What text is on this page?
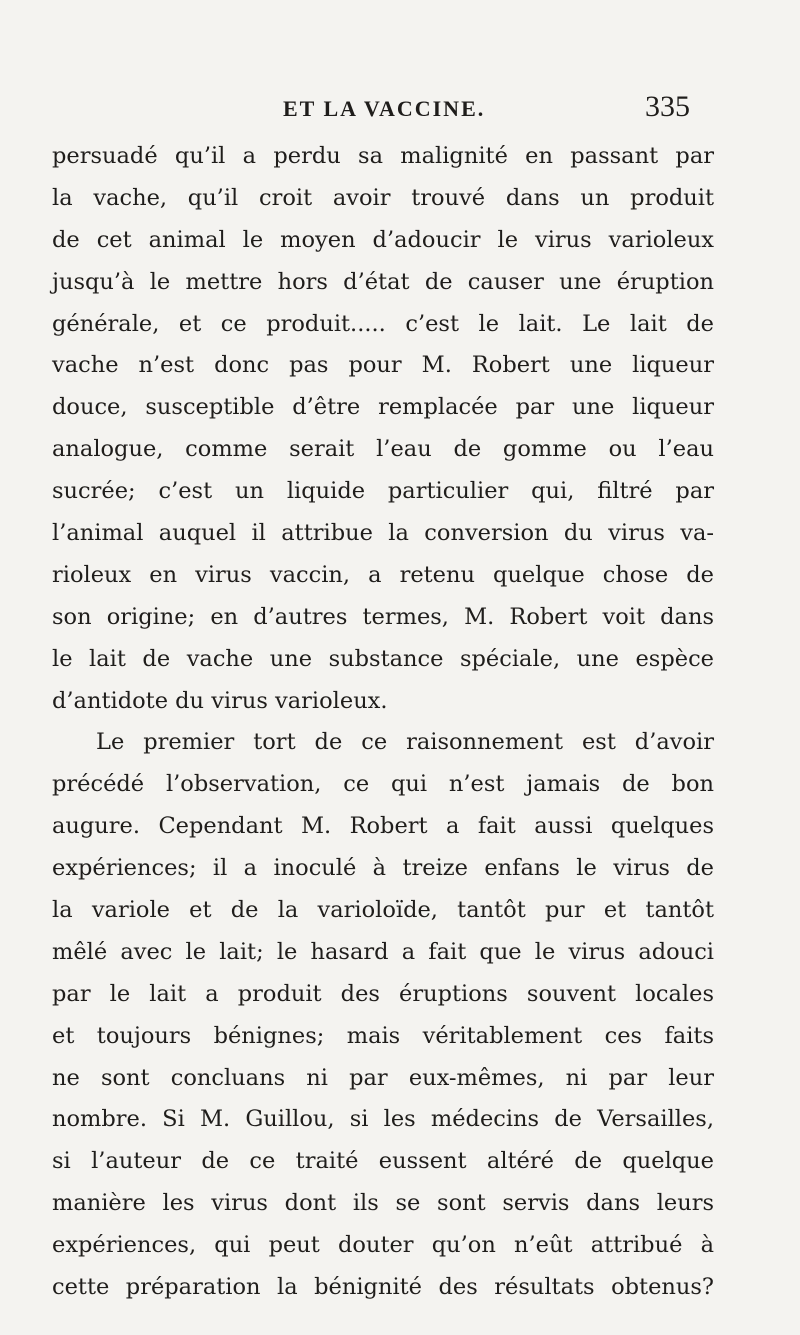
ET LA VACCINE.	335
persuadé qu’il a perdu sa malignité en passant par
la vache, qu’il croit avoir trouvé dans un produit
de cet animal le moyen d’adoucir le virus varioleux
jusqu’à le mettre hors d’état de causer une éruption
générale, et ce produit..... c’est le lait. Le lait de
vache n’est donc pas pour M. Robert une liqueur
douce, susceptible d’être remplacée par une liqueur
analogue, comme serait l’eau de gomme ou l’eau
sucrée; c’est un liquide particulier qui, filtré par
l’animal auquel il attribue la conversion du virus va-
rioleux en virus vaccin, a retenu quelque chose de
son origine; en d’autres termes, M. Robert voit dans
le lait de vache une substance spéciale, une espèce
d’antidote du virus varioleux.
Le premier tort de ce raisonnement est d’avoir
précédé l’observation, ce qui n’est jamais de bon
augure. Cependant M. Robert a fait aussi quelques
expériences; il a inoculé à treize enfans le virus de
la variole et de la varioloïde, tantôt pur et tantôt
mêlé avec le lait; le hasard a fait que le virus adouci
par le lait a produit des éruptions souvent locales
et toujours bénignes; mais véritablement ces faits
ne sont concluans ni par eux-mêmes, ni par leur
nombre. Si M. Guillou, si les médecins de Versailles,
si l’auteur de ce traité eussent altéré de quelque
manière les virus dont ils se sont servis dans leurs
expériences, qui peut douter qu’on n’eût attribué à
cette préparation la bénignité des résultats obtenus?
